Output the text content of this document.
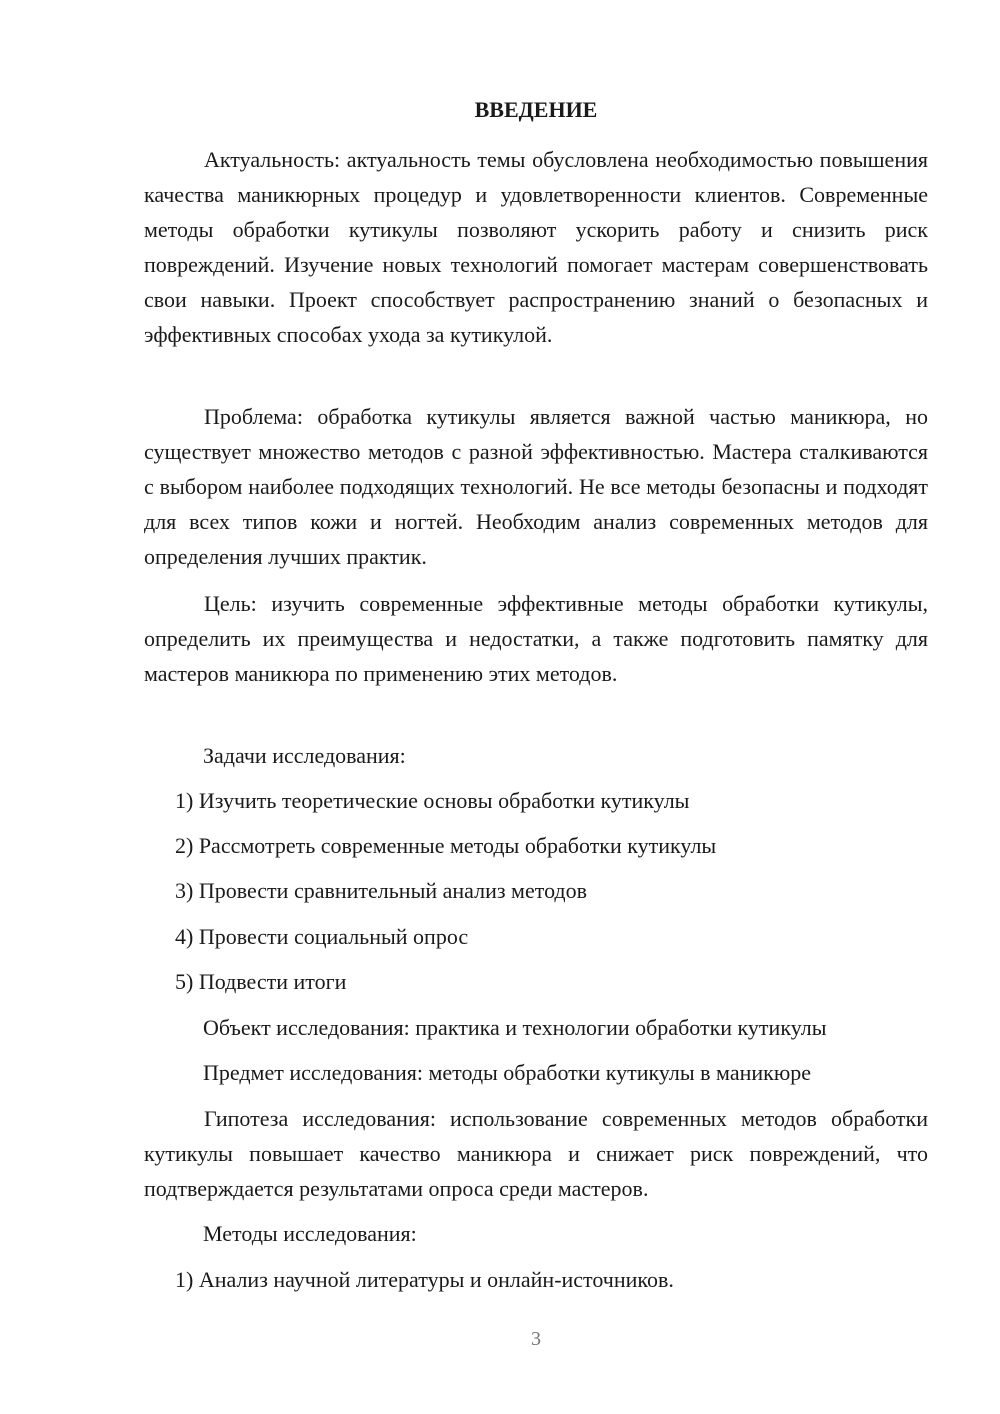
ВВЕДЕНИЕ

Актуальность: актуальность темы обусловлена необходимостью повышения качества маникюрных процедур и удовлетворенности клиентов. Современные методы обработки кутикулы позволяют ускорить работу и снизить риск повреждений. Изучение новых технологий помогает мастерам совершенствовать свои навыки. Проект способствует распространению знаний о безопасных и эффективных способах ухода за кутикулой.

Проблема: обработка кутикулы является важной частью маникюра, но существует множество методов с разной эффективностью. Мастера сталкиваются с выбором наиболее подходящих технологий. Не все методы безопасны и подходят для всех типов кожи и ногтей. Необходим анализ современных методов для определения лучших практик.

Цель: изучить современные эффективные методы обработки кутикулы, определить их преимущества и недостатки, а также подготовить памятку для мастеров маникюра по применению этих методов.

Задачи исследования:
1) Изучить теоретические основы обработки кутикулы
2) Рассмотреть современные методы обработки кутикулы
3) Провести сравнительный анализ методов
4) Провести социальный опрос
5) Подвести итоги
Объект исследования: практика и технологии обработки кутикулы
Предмет исследования: методы обработки кутикулы в маникюре

Гипотеза исследования: использование современных методов обработки кутикулы повышает качество маникюра и снижает риск повреждений, что подтверждается результатами опроса среди мастеров.

Методы исследования:
1) Анализ научной литературы и онлайн-источников.
3
